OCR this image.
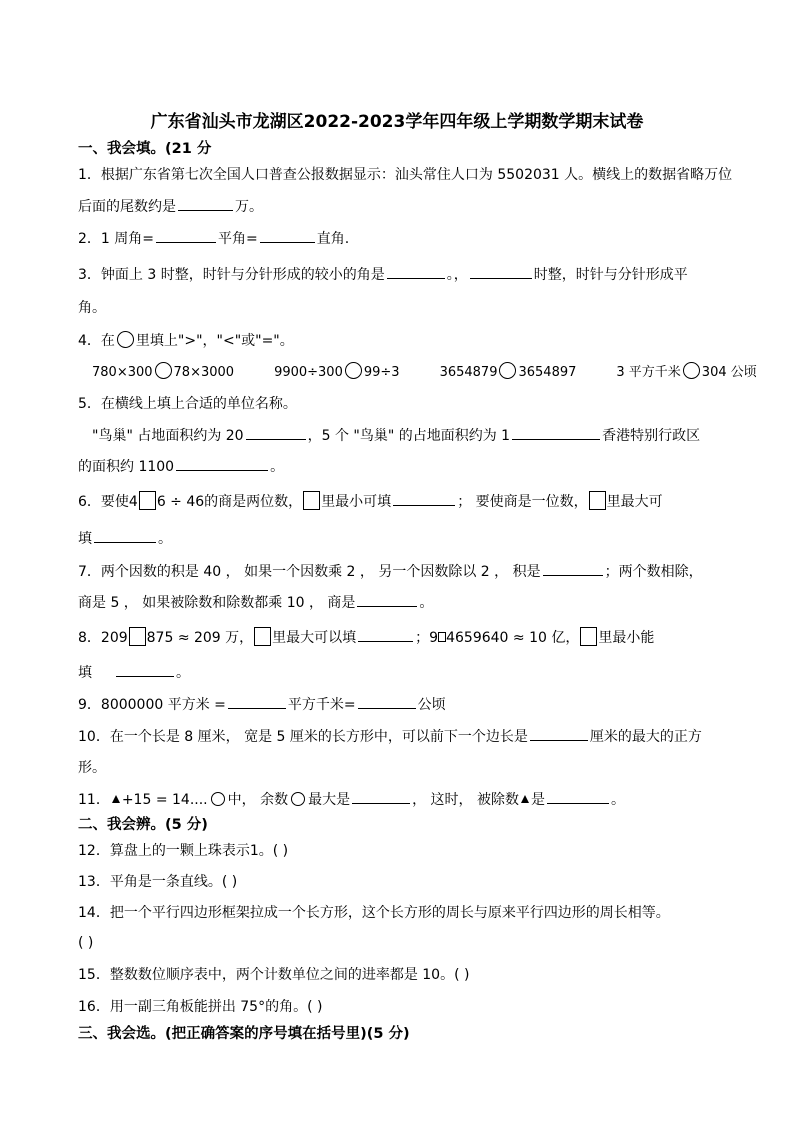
广东省汕头市龙湖区2022-2023学年四年级上学期数学期末试卷
一、我会填。(21 分
1．根据广东省第七次全国人口普查公报数据显示：汕头常住人口为 5502031 人。横线上的数据省略万位
后面的尾数约是	万。
2．1 周角=	平角=	直角.
3．钟面上 3 时整，时针与分针形成的较小的角是	。，	时整，时针与分针形成平
角。
4．在 里填上">"，"<"或"="。
780×300 78×3000	9900÷300 99÷3	3654879 3654897	3 平方千米 304 公顷
5．在横线上填上合适的单位名称。
"鸟巢" 占地面积约为 20	，5 个 "鸟巢" 的占地面积约为 1	香港特别行政区
的面积约 1100	。
6．要使4 6 ÷ 46的商是两位数， 里最小可填	； 要使商是一位数， 里最大可
填	。
7．两个因数的积是 40 ， 如果一个因数乘 2 ， 另一个因数除以 2 ， 积是	；两个数相除，
商是 5 ， 如果被除数和除数都乘 10 ， 商是	。
8．209 875 ≈ 209 万， 里最大可以填	；9 4659640 ≈ 10 亿， 里最小能
填	。
9．8000000 平方米 =	平方千米=	公顷
10．在一个长是 8 厘米， 宽是 5 厘米的长方形中，可以前下一个边长是	厘米的最大的正方
形。
11． +15 = 14.... 中， 余数 最大是	， 这时， 被除数 是	。
二、我会辨。(5 分)
12．算盘上的一颗上珠表示1。( )
13．平角是一条直线。( )
14．把一个平行四边形框架拉成一个长方形，这个长方形的周长与原来平行四边形的周长相等。
( )
15．整数数位顺序表中，两个计数单位之间的进率都是 10。( )
16．用一副三角板能拼出 75°的角。( )
三、我会选。(把正确答案的序号填在括号里)(5 分)
